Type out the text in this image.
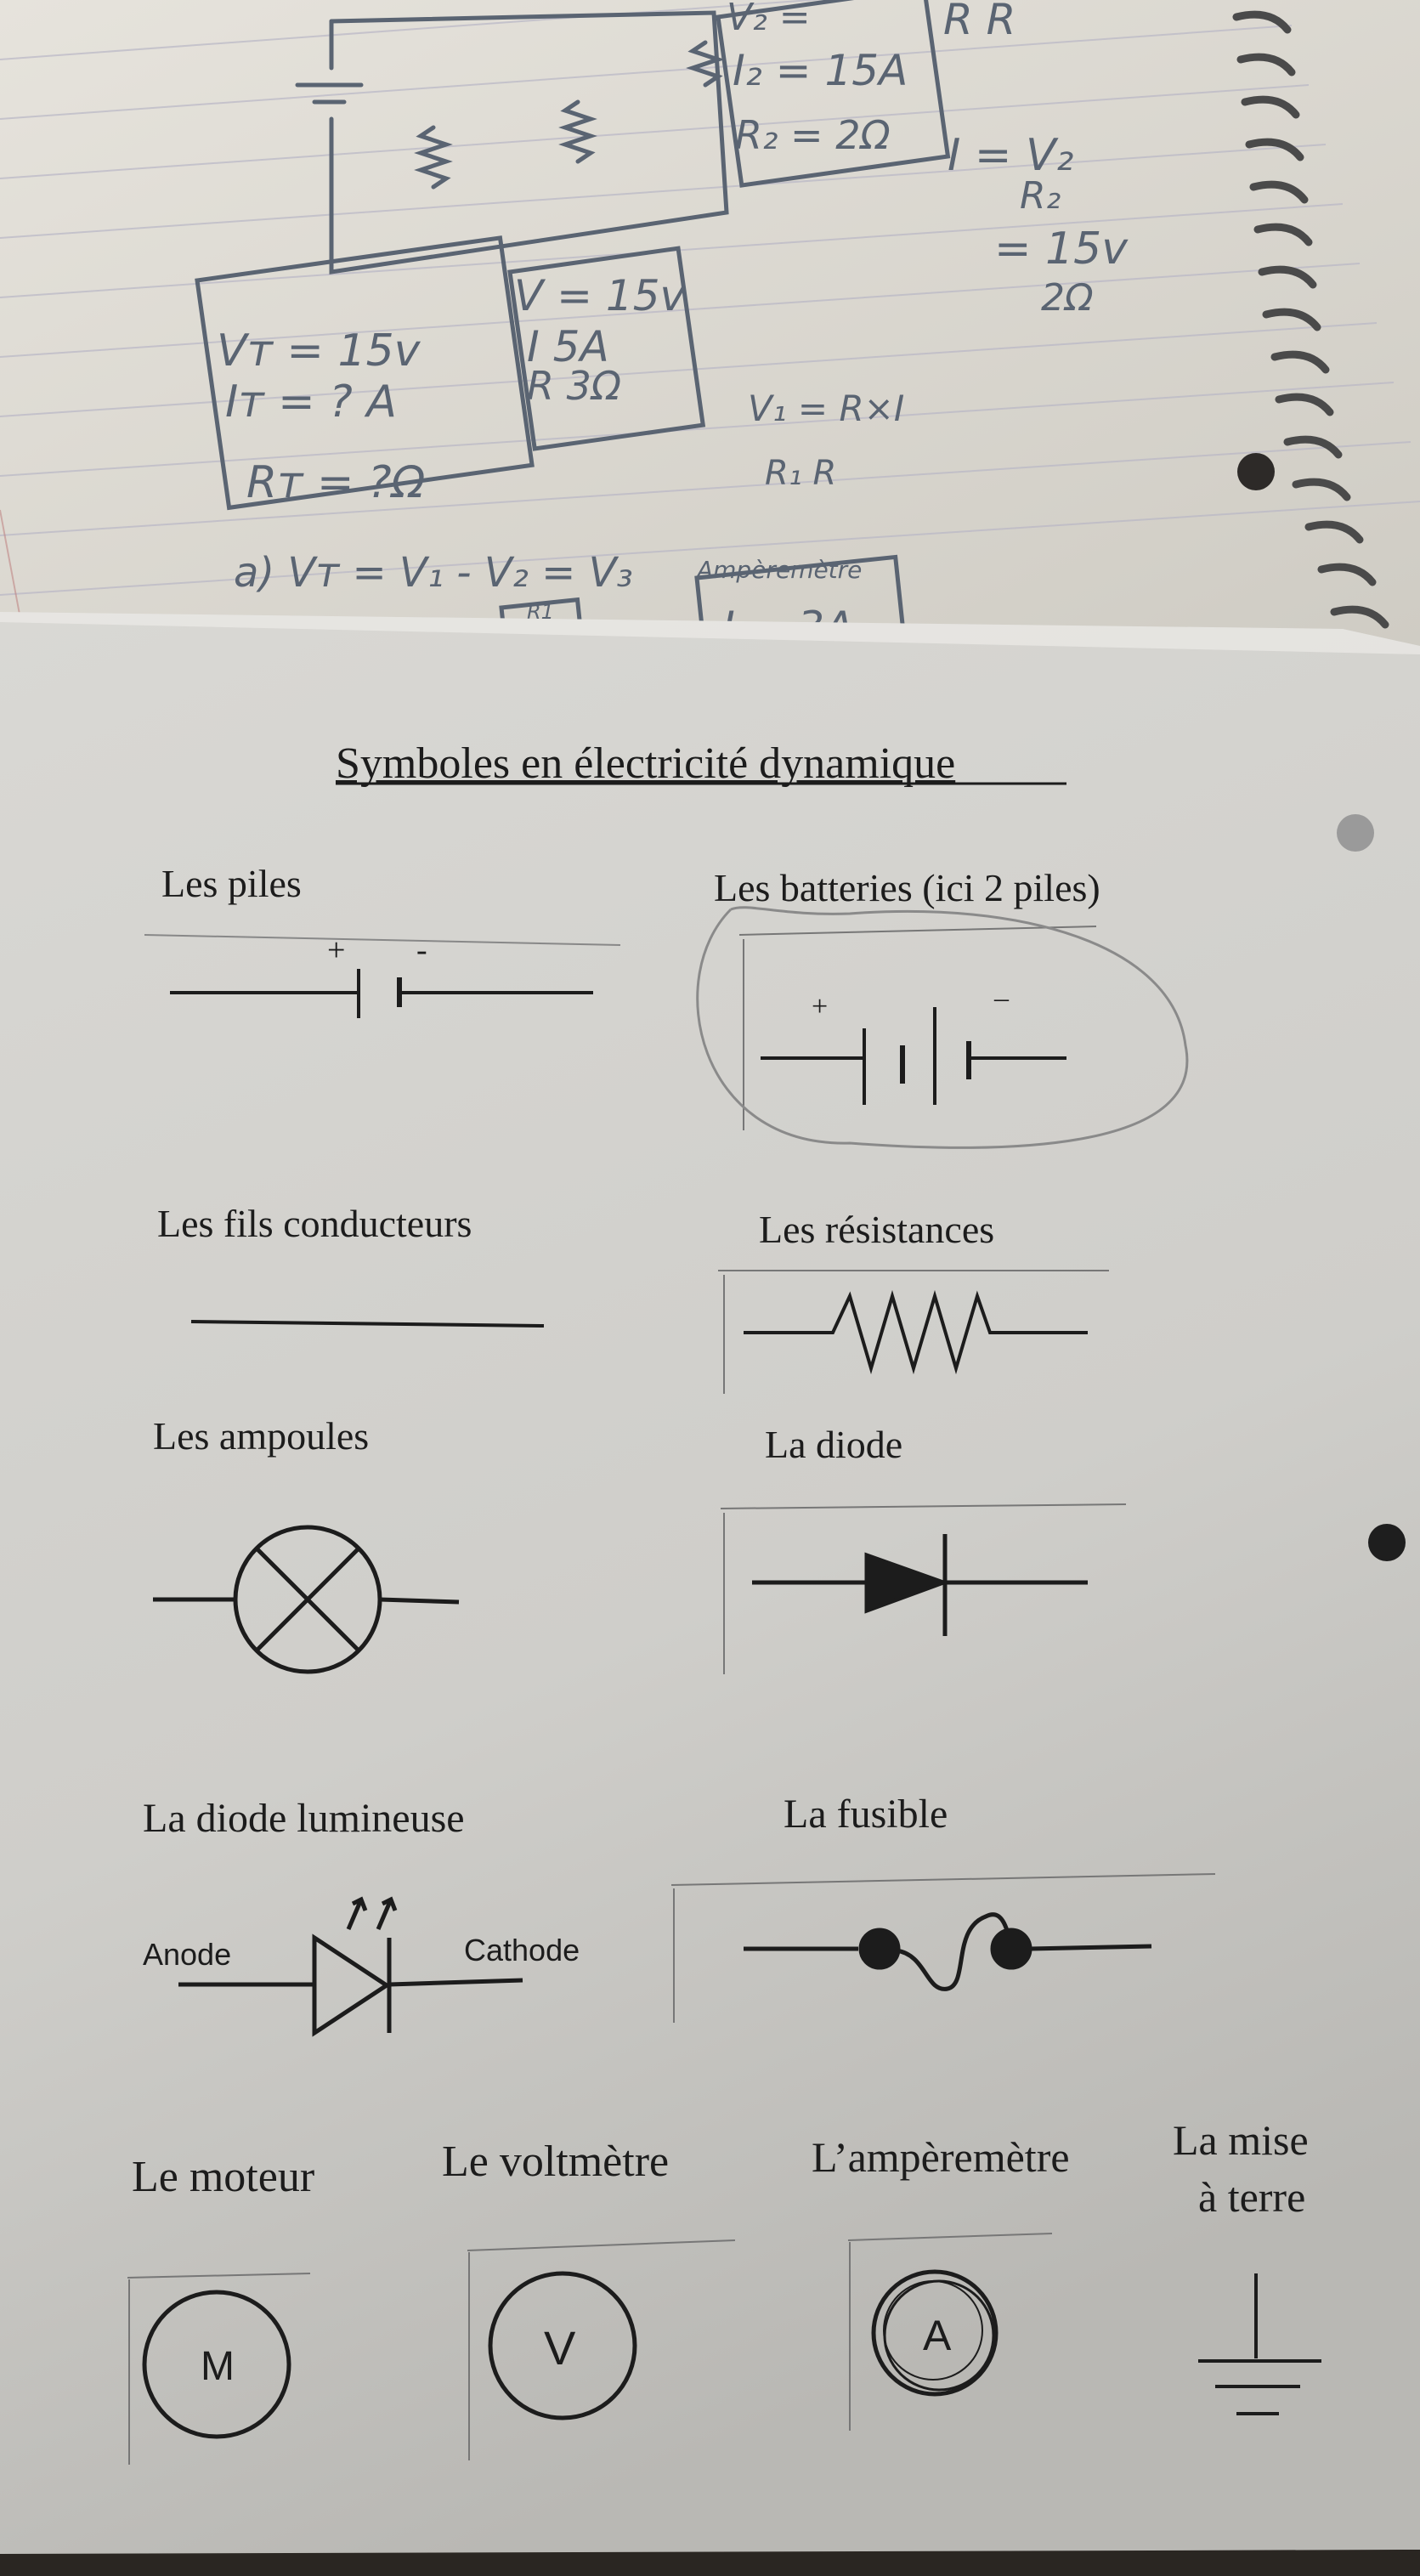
V₂ =
I₂ = 15A
R₂ = 2Ω
R R
I = V₂
R₂
= 15v
2Ω
Vᴛ = 15v
Iᴛ = ? A
Rᴛ = ?Ω
V = 15v
I 5A
R 3Ω	V₁ = R×I
R₁ R
a) Vᴛ = V₁ - V₂ = V₃
R1
Ampèremètre
Symboles en électricité dynamique
Les piles
+ -
Les batteries (ici 2 piles)
+	–
Les fils conducteurs	Les résistances
Les ampoules	La diode
La diode lumineuse
Anode	Cathode
La fusible
Le moteur	Le voltmètre	L’ampèremètre La mise
à terre
M	V	A
